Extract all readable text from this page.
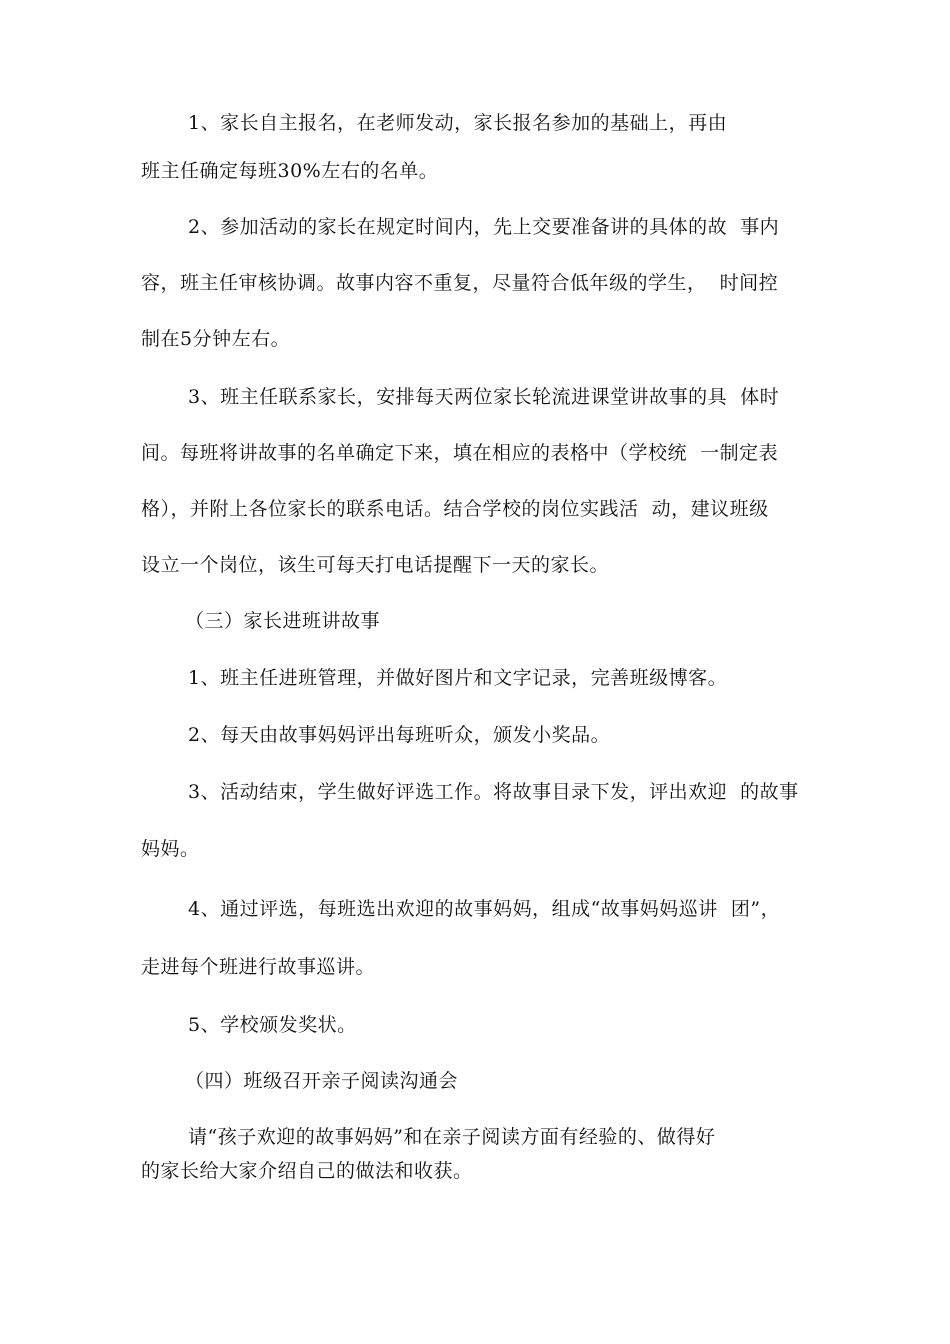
1、家长自主报名，在老师发动，家长报名参加的基础上，再由
班主任确定每班30%左右的名单。
2、参加活动的家长在规定时间内，先上交要准备讲的具体的故  事内
容，班主任审核协调。故事内容不重复，尽量符合低年级的学生，  时间控
制在5分钟左右。
3、班主任联系家长，安排每天两位家长轮流进课堂讲故事的具  体时
间。每班将讲故事的名单确定下来，填在相应的表格中（学校统  一制定表
格），并附上各位家长的联系电话。结合学校的岗位实践活  动，建议班级
设立一个岗位，该生可每天打电话提醒下一天的家长。
（三）家长进班讲故事
1、班主任进班管理，并做好图片和文字记录，完善班级博客。
2、每天由故事妈妈评出每班听众，颁发小奖品。
3、活动结束，学生做好评选工作。将故事目录下发，评出欢迎  的故事
妈妈。
4、通过评选，每班选出欢迎的故事妈妈，组成“故事妈妈巡讲  团”，
走进每个班进行故事巡讲。
5、学校颁发奖状。
（四）班级召开亲子阅读沟通会
请“孩子欢迎的故事妈妈”和在亲子阅读方面有经验的、做得好
的家长给大家介绍自己的做法和收获。
